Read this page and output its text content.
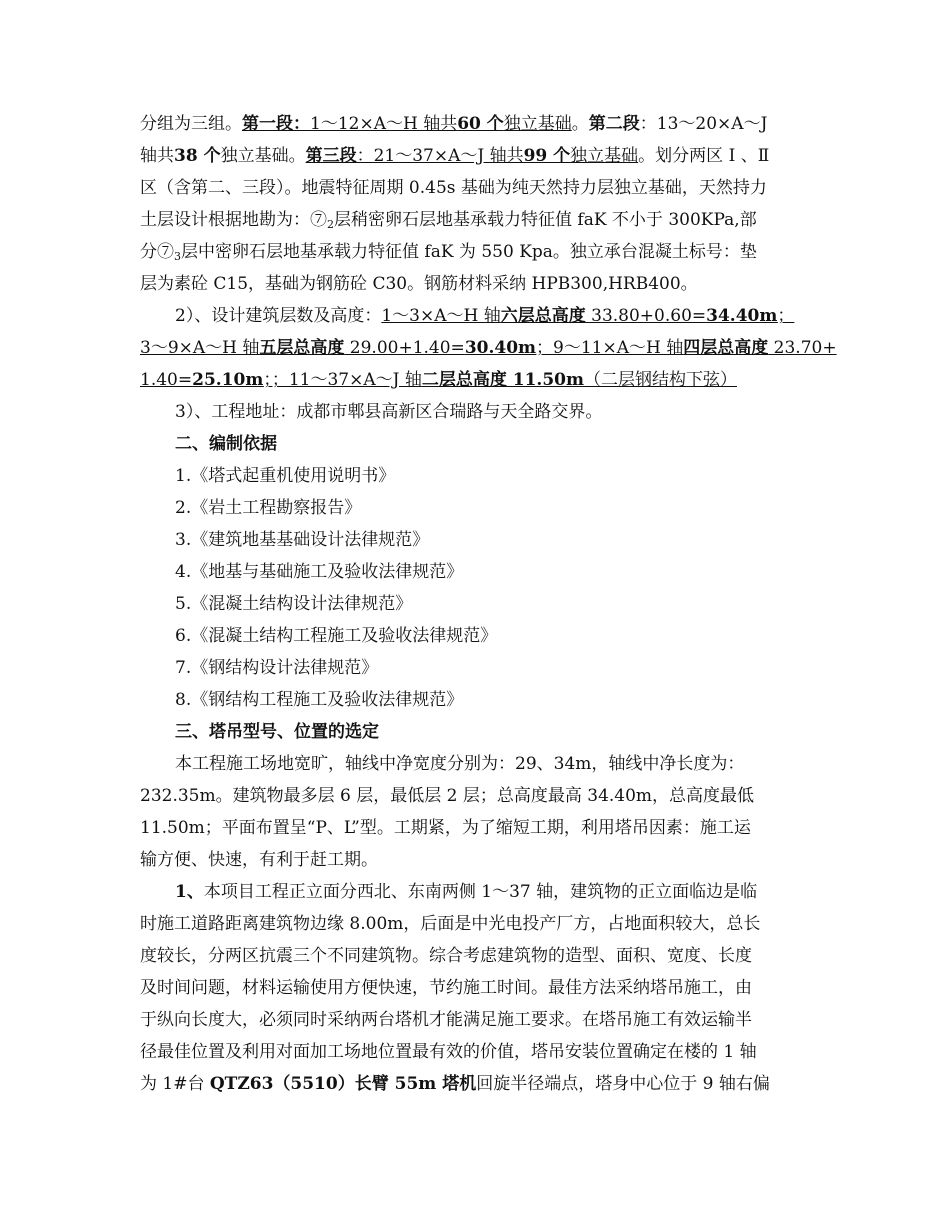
分组为三组。第一段：1～12×A～H 轴共60 个独立基础。第二段：13～20×A～J
轴共38 个独立基础。第三段：21～37×A～J 轴共99 个独立基础。划分两区 Ⅰ 、Ⅱ
区（含第二、三段）。地震特征周期 0.45s 基础为纯天然持力层独立基础，天然持力
土层设计根据地勘为：$⑦_2$层稍密卵石层地基承载力特征值 faK 不小于 300KPa,部
分$⑦_3$层中密卵石层地基承载力特征值 faK 为 550 Kpa。独立承台混凝土标号：垫
层为素砼 C15，基础为钢筋砼 C30。钢筋材料采纳 HPB300,HRB400。
2）、设计建筑层数及高度：1～3×A～H 轴六层总高度 33.80+0.60=34.40m；
3～9×A～H 轴五层总高度 29.00+1.40=30.40m；9～11×A～H 轴四层总高度 23.70+
1.40=25.10m；；11～37×A～J 轴二层总高度 11.50m（二层钢结构下弦）
3）、工程地址：成都市郫县高新区合瑞路与天全路交界。
二、编制依据
1.《塔式起重机使用说明书》
2.《岩土工程勘察报告》
3.《建筑地基基础设计法律规范》
4.《地基与基础施工及验收法律规范》
5.《混凝土结构设计法律规范》
6.《混凝土结构工程施工及验收法律规范》
7.《钢结构设计法律规范》
8.《钢结构工程施工及验收法律规范》
三、塔吊型号、位置的选定
本工程施工场地宽旷，轴线中净宽度分别为：29、34m，轴线中净长度为：
232.35m。建筑物最多层 6 层，最低层 2 层；总高度最高 34.40m，总高度最低
11.50m；平面布置呈“P、L”型。工期紧，为了缩短工期，利用塔吊因素：施工运
输方便、快速，有利于赶工期。
1、本项目工程正立面分西北、东南两侧 1～37 轴，建筑物的正立面临边是临
时施工道路距离建筑物边缘 8.00m，后面是中光电投产厂方，占地面积较大，总长
度较长，分两区抗震三个不同建筑物。综合考虑建筑物的造型、面积、宽度、长度
及时间问题，材料运输使用方便快速，节约施工时间。最佳方法采纳塔吊施工，由
于纵向长度大，必须同时采纳两台塔机才能满足施工要求。在塔吊施工有效运输半
径最佳位置及利用对面加工场地位置最有效的价值，塔吊安装位置确定在楼的 1 轴
为 1#台 QTZ63（5510）长臂 55m 塔机回旋半径端点，塔身中心位于 9 轴右偏
